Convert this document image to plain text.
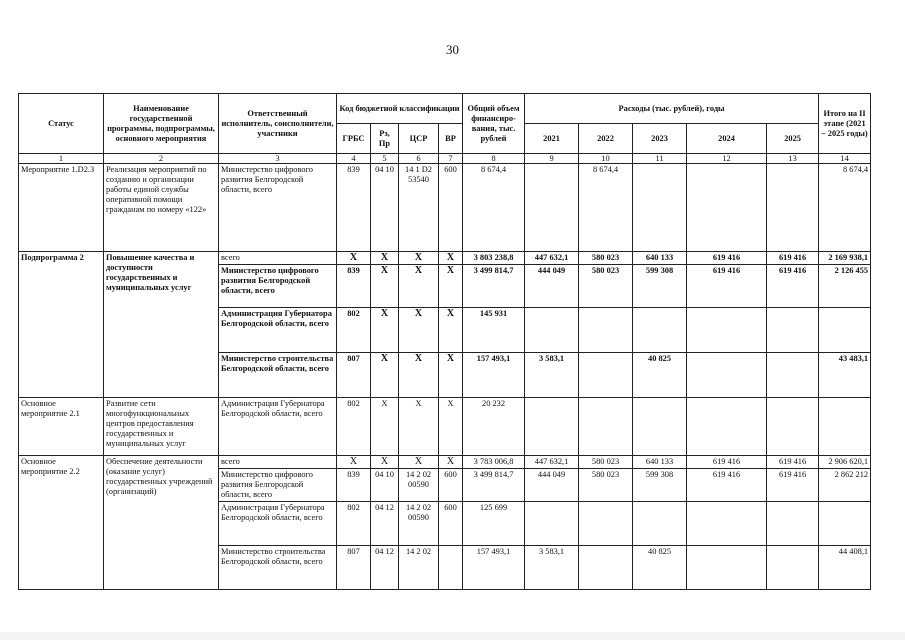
30
Статус	Наименование государственной программы, подпрограммы, основного мероприятия	Ответственный исполнитель, соисполнители, участники	Код бюджетной классификации				Общий объем финансиро-вания, тыс. рублей	Расходы (тыс. рублей), годы					Итого на II этапе (2021 – 2025 годы)
			ГРБС	Рз, Пр	ЦСР	ВР		2021	2022	2023	2024	2025	
1	2	3	4	5	6	7	8	9	10	11	12	13	14
Мероприятие 1.D2.3	Реализация мероприятий по созданию и организации работы единой службы оперативной помощи гражданам по номеру «122»	Министерство цифрового развития Белгородской области, всего	839	04 10	14 1 D2 53540	600	8 674,4		8 674,4				8 674,4
Подпрограмма 2	Повышение качества и доступности государственных и муниципальных услуг	всего	X	X	X	X	3 803 238,8	447 632,1	580 023	640 133	619 416	619 416	2 169 938,1
		Министерство цифрового развития Белгородской области, всего	839	X	X	X	3 499 814,7	444 049	580 023	599 308	619 416	619 416	2 126 455
		Администрация Губернатора Белгородской области, всего	802	X	X	X	145 931						
		Министерство строительства Белгородской области, всего	807	X	X	X	157 493,1	3 583,1		40 825			43 483,1
Основное мероприятие 2.1	Развитие сети многофункциональных центров предоставления государственных и муниципальных услуг	Администрация Губернатора Белгородской области, всего	802	X	X	X	20 232						
Основное мероприятие 2.2	Обеспечение деятельности (оказание услуг) государственных учреждений (организаций)	всего	X	X	X	X	3 783 006,8	447 632,1	580 023	640 133	619 416	619 416	2 906 620,1
		Министерство цифрового развития Белгородской области, всего	839	04 10	14 2 02 00590	600	3 499 814,7	444 049	580 023	599 308	619 416	619 416	2 862 212
		Администрация Губернатора Белгородской области, всего	802	04 12	14 2 02 00590	600	125 699						
		Министерство строительства Белгородской области, всего	807	04 12	14 2 02		157 493,1	3 583,1		40 825			44 408,1
